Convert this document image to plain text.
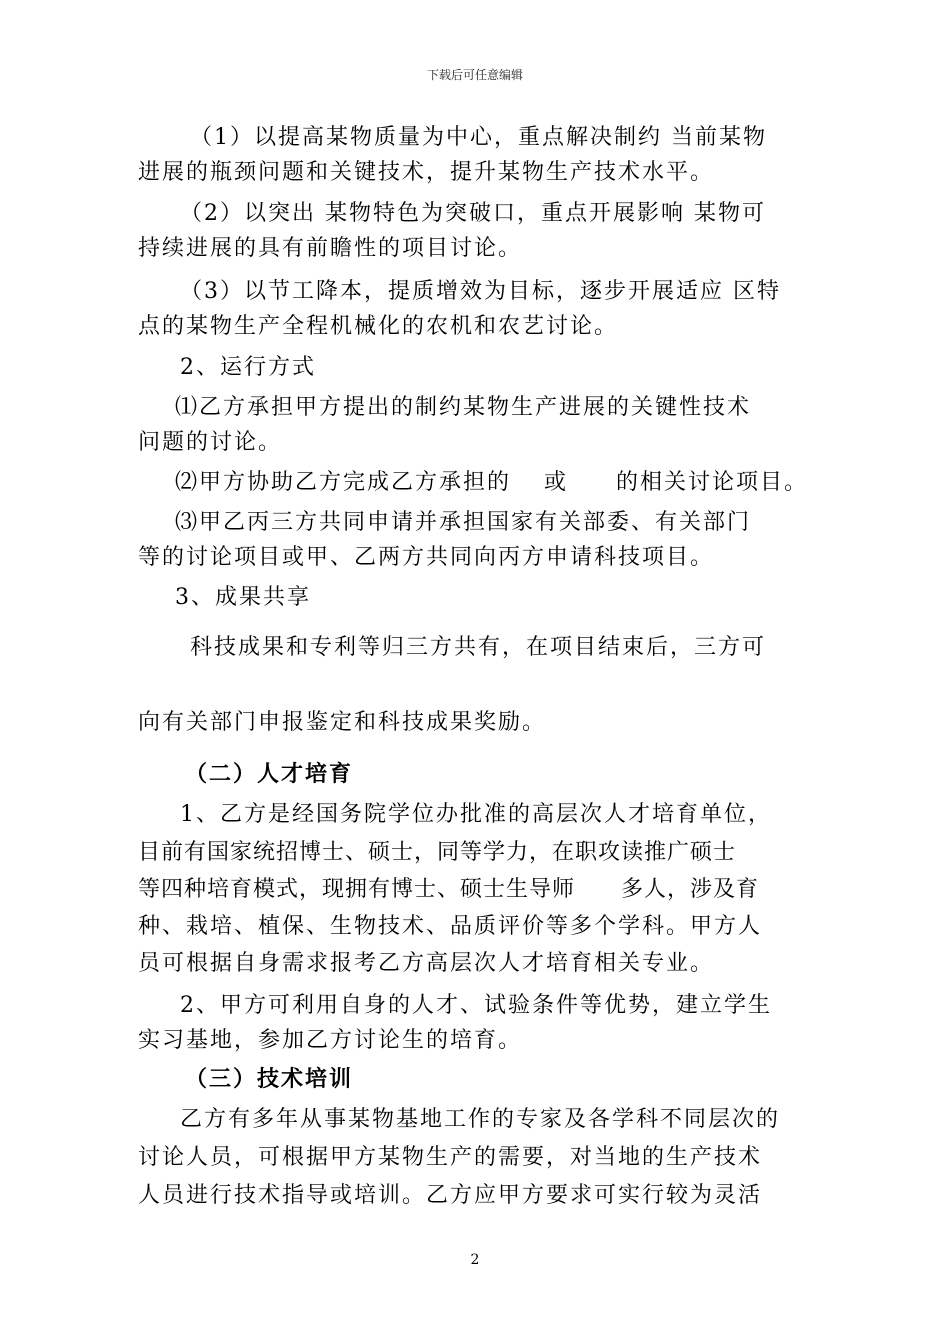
下载后可任意编辑
（1）以提高某物质量为中心，重点解决制约 当前某物
进展的瓶颈问题和关键技术，提升某物生产技术水平。
（2）以突出 某物特色为突破口，重点开展影响 某物可
持续进展的具有前瞻性的项目讨论。
（3）以节工降本，提质增效为目标，逐步开展适应 区特
点的某物生产全程机械化的农机和农艺讨论。
2、运行方式
⑴乙方承担甲方提出的制约某物生产进展的关键性技术
问题的讨论。
⑵甲方协助乙方完成乙方承担的 　或　　的相关讨论项目。
⑶甲乙丙三方共同申请并承担国家有关部委、有关部门
等的讨论项目或甲、乙两方共同向丙方申请科技项目。
3、成果共享
科技成果和专利等归三方共有，在项目结束后，三方可
向有关部门申报鉴定和科技成果奖励。
（二）人才培育
1、乙方是经国务院学位办批准的高层次人才培育单位，
目前有国家统招博士、硕士，同等学力，在职攻读推广硕士
等四种培育模式，现拥有博士、硕士生导师　　多人，涉及育
种、栽培、植保、生物技术、品质评价等多个学科。甲方人
员可根据自身需求报考乙方高层次人才培育相关专业。
2、甲方可利用自身的人才、试验条件等优势，建立学生
实习基地，参加乙方讨论生的培育。
（三）技术培训
乙方有多年从事某物基地工作的专家及各学科不同层次的
讨论人员，可根据甲方某物生产的需要，对当地的生产技术
人员进行技术指导或培训。乙方应甲方要求可实行较为灵活
2
